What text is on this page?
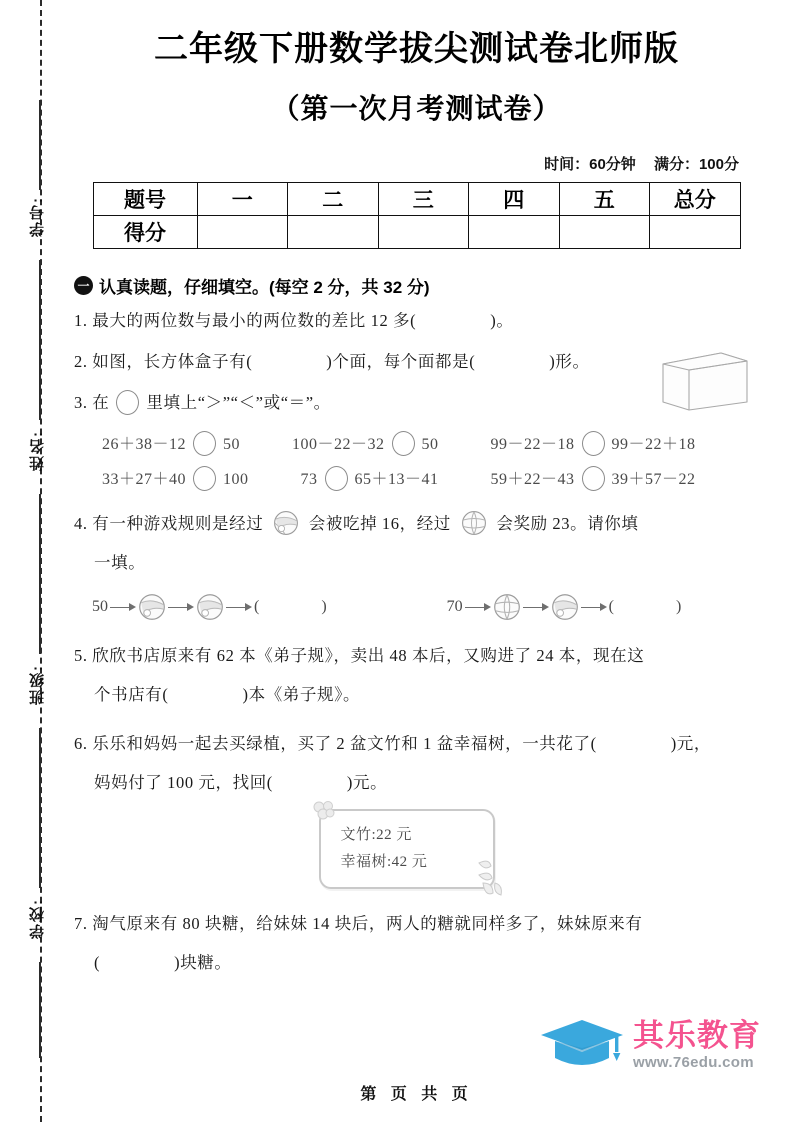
学号:
姓名:
班级:
学校:
二年级下册数学拔尖测试卷北师版
（第一次月考测试卷）
时间：60分钟 满分：100分
题号	一	二	三	四	五	总分
得分						
一 认真读题，仔细填空。(每空 2 分，共 32 分)
1. 最大的两位数与最小的两位数的差比 12 多(	)。
2. 如图，长方体盒子有(	)个面，每个面都是(	)形。
3. 在 里填上“＞”“＜”或“＝”。
26＋38－12 50	100－22－32 50	99－22－18 99－22＋18
33＋27＋40 100	73 65＋13－41	59＋22－43 39＋57－22
4. 有一种游戏规则是经过	会被吃掉 16，经过	会奖励 23。请你填
一填。
50	(	)	70	(	)
5. 欣欣书店原来有 62 本《弟子规》，卖出 48 本后，又购进了 24 本，现在这
个书店有(	)本《弟子规》。
6. 乐乐和妈妈一起去买绿植，买了 2 盆文竹和 1 盆幸福树，一共花了(	)元，
妈妈付了 100 元，找回(	)元。
文竹:22 元
幸福树:42 元
7. 淘气原来有 80 块糖，给妹妹 14 块后，两人的糖就同样多了，妹妹原来有
(	)块糖。
其乐教育
www.76edu.com
第 页 共 页
